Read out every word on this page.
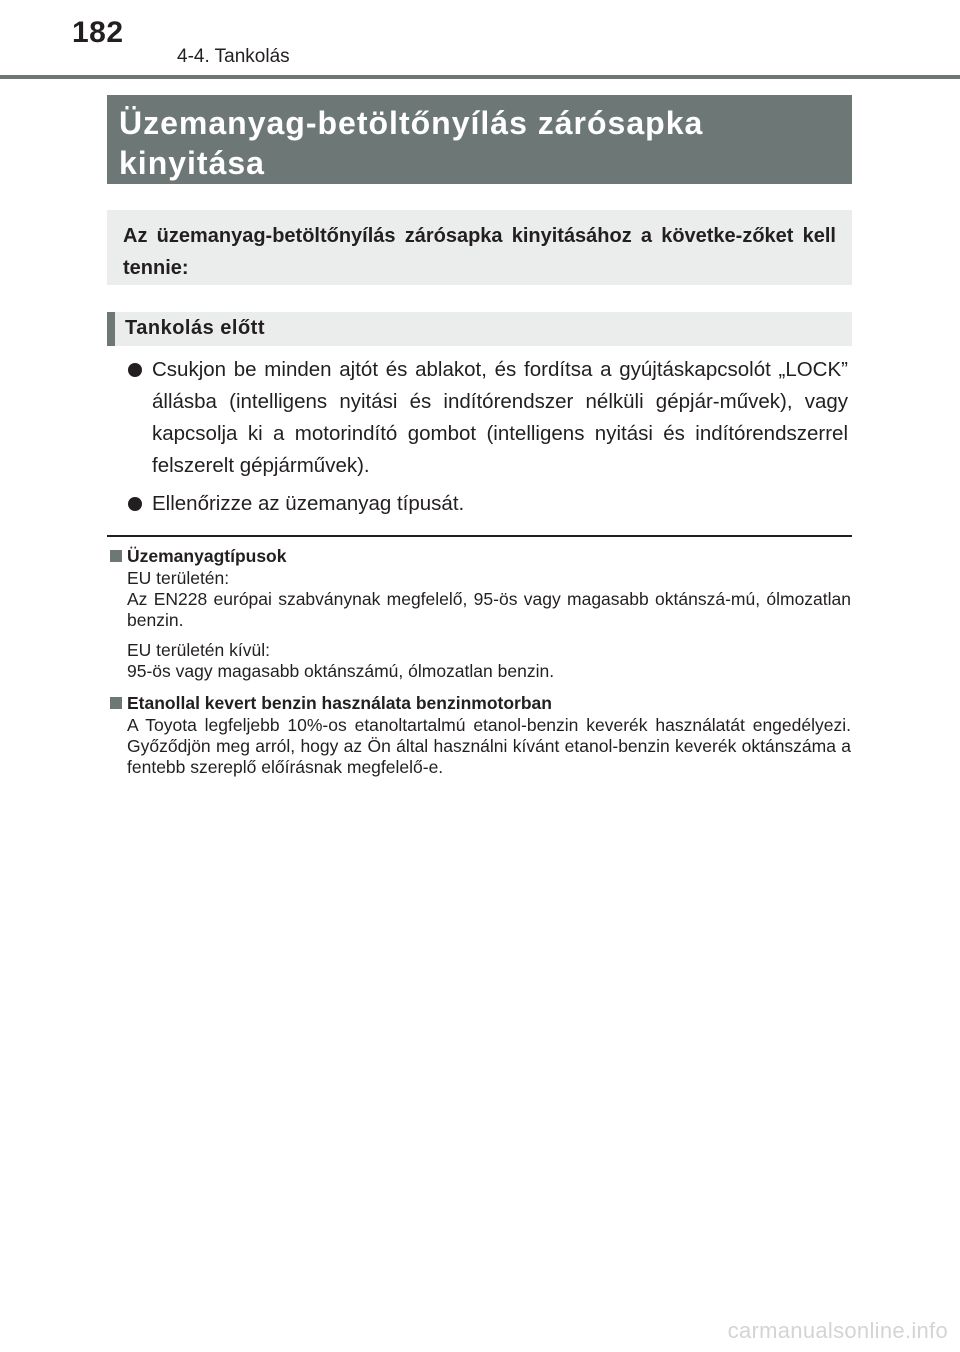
182
4-4. Tankolás
Üzemanyag-betöltőnyílás zárósapka
kinyitása
Az üzemanyag-betöltőnyílás zárósapka kinyitásához a követke-zőket kell tennie:
Tankolás előtt
Csukjon be minden ajtót és ablakot, és fordítsa a gyújtáskapcsolót „LOCK” állásba (intelligens nyitási és indítórendszer nélküli gépjár-művek), vagy kapcsolja ki a motorindító gombot (intelligens nyitási és indítórendszerrel felszerelt gépjárművek).
Ellenőrizze az üzemanyag típusát.
Üzemanyagtípusok

EU területén:
Az EN228 európai szabványnak megfelelő, 95-ös vagy magasabb oktánszá-mú, ólmozatlan benzin.

EU területén kívül:
95-ös vagy magasabb oktánszámú, ólmozatlan benzin.

Etanollal kevert benzin használata benzinmotorban

A Toyota legfeljebb 10%-os etanoltartalmú etanol-benzin keverék használatát engedélyezi. Győződjön meg arról, hogy az Ön által használni kívánt etanol-benzin keverék oktánszáma a fentebb szereplő előírásnak megfelelő-e.

carmanualsonline.info
